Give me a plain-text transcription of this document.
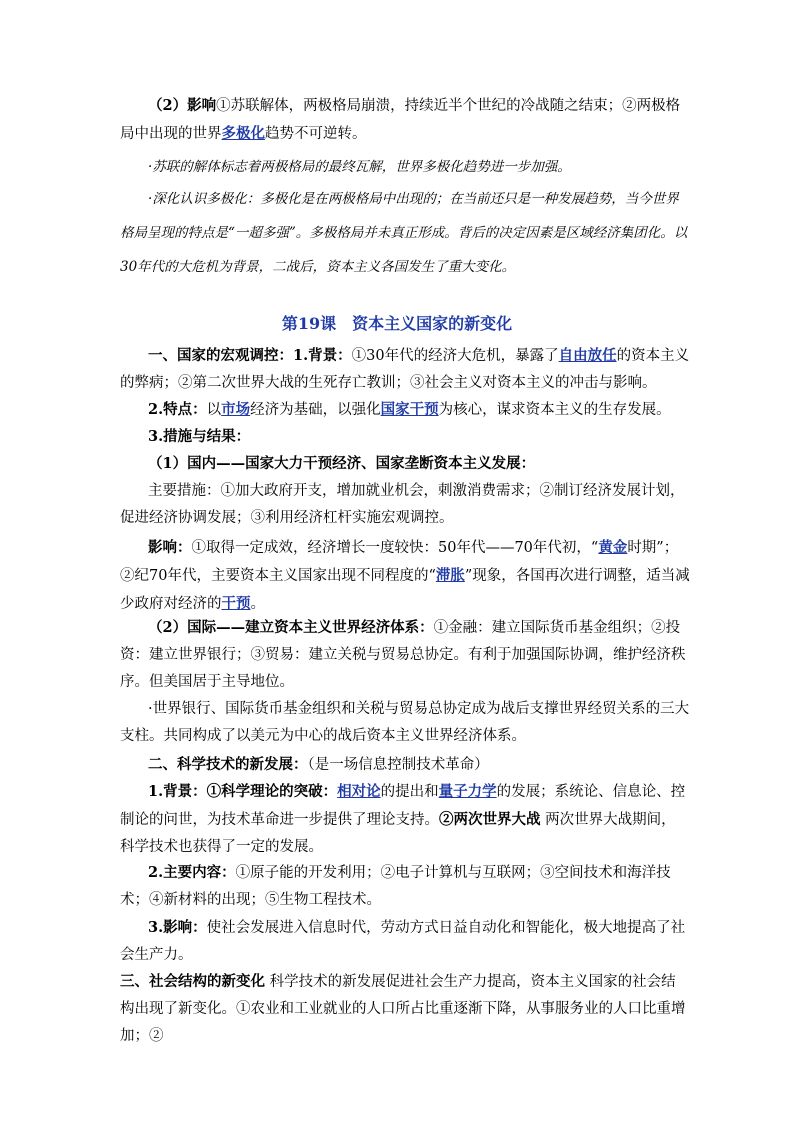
（2）影响①苏联解体，两极格局崩溃，持续近半个世纪的冷战随之结束；②两极格局中出现的世界多极化趋势不可逆转。

·苏联的解体标志着两极格局的最终瓦解，世界多极化趋势进一步加强。

·深化认识多极化：多极化是在两极格局中出现的；在当前还只是一种发展趋势，当今世界格局呈现的特点是“一超多强”。多极格局并未真正形成。背后的决定因素是区域经济集团化。以30年代的大危机为背景，二战后，资本主义各国发生了重大变化。

第19课　资本主义国家的新变化

一、国家的宏观调控：1.背景：①30年代的经济大危机，暴露了自由放任的资本主义的弊病；②第二次世界大战的生死存亡教训；③社会主义对资本主义的冲击与影响。

2.特点：以市场经济为基础，以强化国家干预为核心，谋求资本主义的生存发展。

3.措施与结果：

（1）国内——国家大力干预经济、国家垄断资本主义发展：

主要措施：①加大政府开支，增加就业机会，刺激消费需求；②制订经济发展计划，促进经济协调发展；③利用经济杠杆实施宏观调控。

影响：①取得一定成效，经济增长一度较快：50年代——70年代初，“黄金时期”；②纪70年代，主要资本主义国家出现不同程度的“滞胀”现象，各国再次进行调整，适当减少政府对经济的干预。

（2）国际——建立资本主义世界经济体系：①金融：建立国际货币基金组织；②投资：建立世界银行；③贸易：建立关税与贸易总协定。有利于加强国际协调，维护经济秩序。但美国居于主导地位。

·世界银行、国际货币基金组织和关税与贸易总协定成为战后支撑世界经贸关系的三大支柱。共同构成了以美元为中心的战后资本主义世界经济体系。

二、科学技术的新发展：（是一场信息控制技术革命）

1.背景：①科学理论的突破：相对论的提出和量子力学的发展；系统论、信息论、控制论的问世，为技术革命进一步提供了理论支持。②两次世界大战 两次世界大战期间，科学技术也获得了一定的发展。

2.主要内容：①原子能的开发利用；②电子计算机与互联网；③空间技术和海洋技术；④新材料的出现；⑤生物工程技术。

3.影响：使社会发展进入信息时代，劳动方式日益自动化和智能化，极大地提高了社会生产力。

三、社会结构的新变化 科学技术的新发展促进社会生产力提高，资本主义国家的社会结构出现了新变化。①农业和工业就业的人口所占比重逐渐下降，从事服务业的人口比重增加；②
